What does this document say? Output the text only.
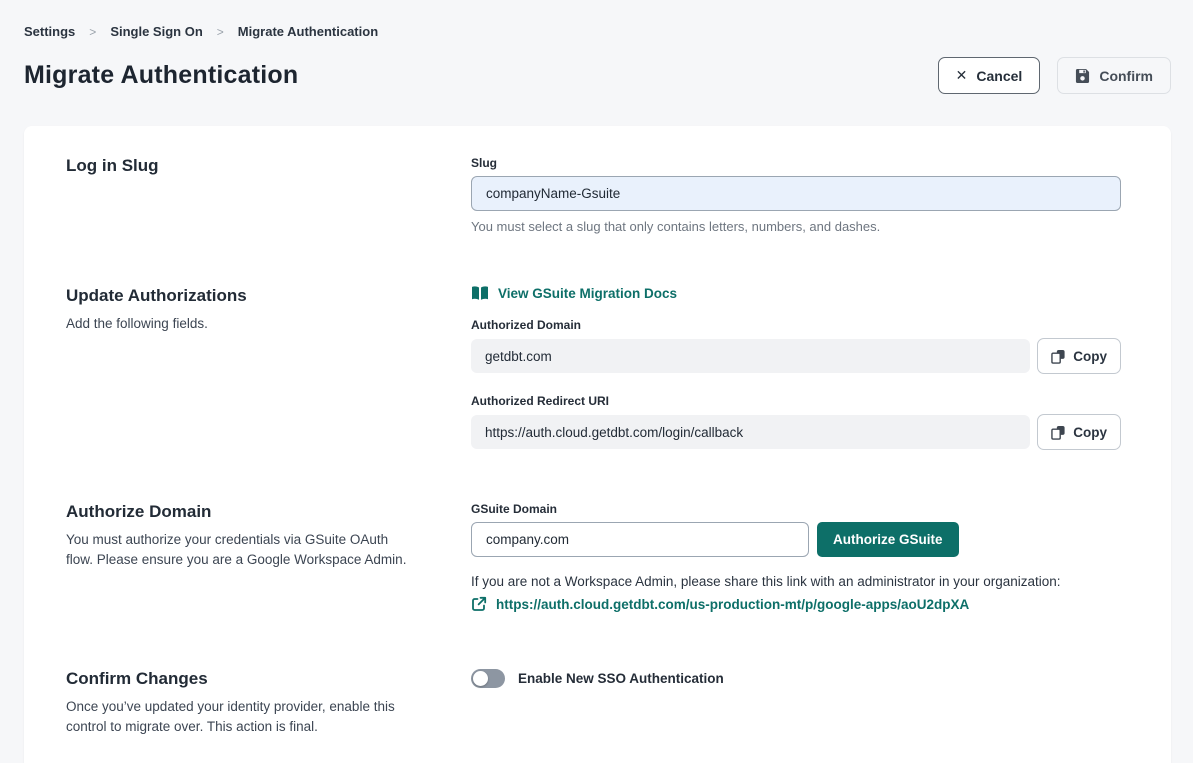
Settings > Single Sign On > Migrate Authentication
Migrate Authentication	✕ Cancel	Confirm
Log in Slug	Slug
companyName-Gsuite
You must select a slug that only contains letters, numbers, and dashes.
Update Authorizations
Add the following fields.
View GSuite Migration Docs
Authorized Domain
getdbt.com	Copy
Authorized Redirect URI
https://auth.cloud.getdbt.com/login/callback	Copy
Authorize Domain
You must authorize your credentials via GSuite OAuth flow. Please ensure you are a Google Workspace Admin.
GSuite Domain
company.com
Authorize GSuite
If you are not a Workspace Admin, please share this link with an administrator in your organization:
https://auth.cloud.getdbt.com/us-production-mt/p/google-apps/aoU2dpXA
Confirm Changes
Once you’ve updated your identity provider, enable this control to migrate over. This action is final.
Enable New SSO Authentication
